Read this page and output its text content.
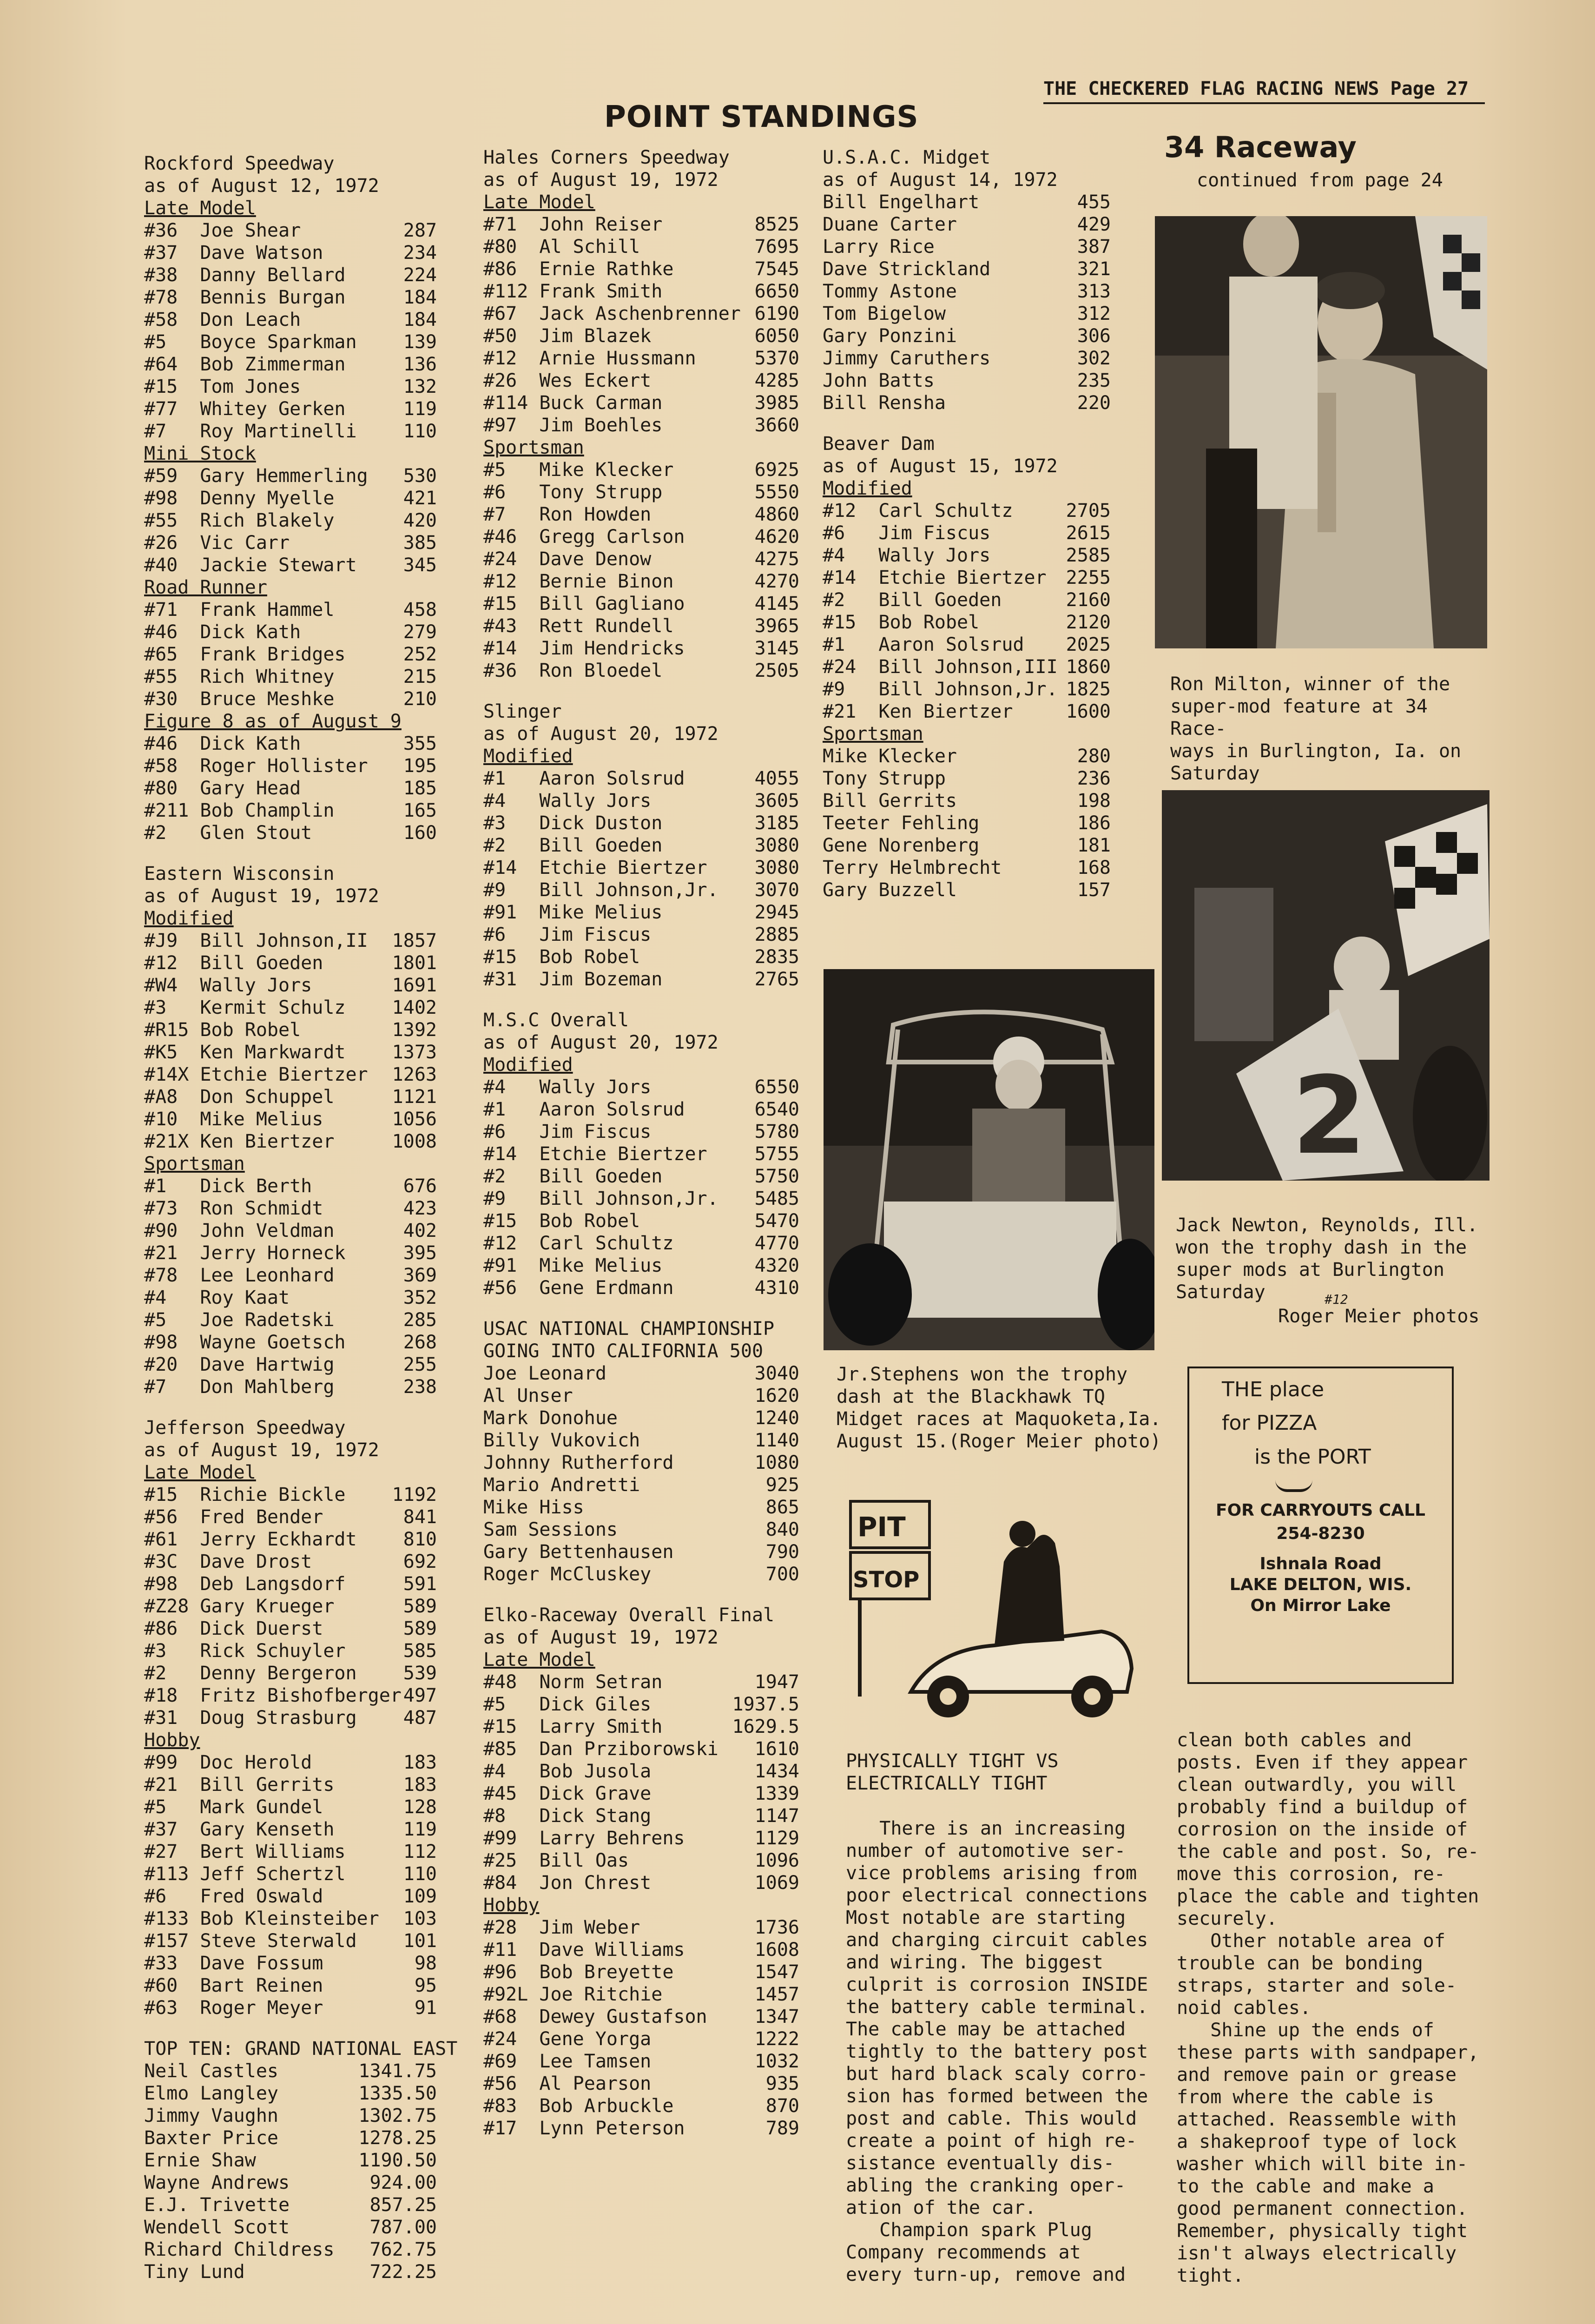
THE CHECKERED FLAG RACING NEWS Page 27
POINT STANDINGS
Rockford Speedway
as of August 12, 1972
Late Model
#36  Joe Shear	287
#37  Dave Watson	234
#38  Danny Bellard	224
#78  Bennis Burgan	184
#58  Don Leach	184
#5   Boyce Sparkman	139
#64  Bob Zimmerman	136
#15  Tom Jones	132
#77  Whitey Gerken	119
#7   Roy Martinelli	110
Mini Stock
#59  Gary Hemmerling	530
#98  Denny Myelle	421
#55  Rich Blakely	420
#26  Vic Carr	385
#40  Jackie Stewart	345
Road Runner
#71  Frank Hammel	458
#46  Dick Kath	279
#65  Frank Bridges	252
#55  Rich Whitney	215
#30  Bruce Meshke	210
Figure 8 as of August 9
#46  Dick Kath	355
#58  Roger Hollister	195
#80  Gary Head	185
#211 Bob Champlin	165
#2   Glen Stout	160
Eastern Wisconsin
as of August 19, 1972
Modified
#J9  Bill Johnson,II	1857
#12  Bill Goeden	1801
#W4  Wally Jors	1691
#3   Kermit Schulz	1402
#R15 Bob Robel	1392
#K5  Ken Markwardt	1373
#14X Etchie Biertzer	1263
#A8  Don Schuppel	1121
#10  Mike Melius	1056
#21X Ken Biertzer	1008
Sportsman
#1   Dick Berth	676
#73  Ron Schmidt	423
#90  John Veldman	402
#21  Jerry Horneck	395
#78  Lee Leonhard	369
#4   Roy Kaat	352
#5   Joe Radetski	285
#98  Wayne Goetsch	268
#20  Dave Hartwig	255
#7   Don Mahlberg	238
Jefferson Speedway
as of August 19, 1972
Late Model
#15  Richie Bickle	1192
#56  Fred Bender	841
#61  Jerry Eckhardt	810
#3C  Dave Drost	692
#98  Deb Langsdorf	591
#Z28 Gary Krueger	589
#86  Dick Duerst	589
#3   Rick Schuyler	585
#2   Denny Bergeron	539
#18  Fritz Bishofberger 497
#31  Doug Strasburg	487
Hobby
#99  Doc Herold	183
#21  Bill Gerrits	183
#5   Mark Gundel	128
#37  Gary Kenseth	119
#27  Bert Williams	112
#113 Jeff Schertzl	110
#6   Fred Oswald	109
#133 Bob Kleinsteiber	103
#157 Steve Sterwald	101
#33  Dave Fossum	98
#60  Bart Reinen	95
#63  Roger Meyer	91
TOP TEN: GRAND NATIONAL EAST
Neil Castles	1341.75
Elmo Langley	1335.50
Jimmy Vaughn	1302.75
Baxter Price	1278.25
Ernie Shaw	1190.50
Wayne Andrews	924.00
E.J. Trivette	857.25
Wendell Scott	787.00
Richard Childress	762.75
Tiny Lund	722.25
Hales Corners Speedway
as of August 19, 1972
Late Model
#71  John Reiser	8525
#80  Al Schill	7695
#86  Ernie Rathke	7545
#112 Frank Smith	6650
#67  Jack Aschenbrenner 6190
#50  Jim Blazek	6050
#12  Arnie Hussmann	5370
#26  Wes Eckert	4285
#114 Buck Carman	3985
#97  Jim Boehles	3660
Sportsman
#5   Mike Klecker	6925
#6   Tony Strupp	5550
#7   Ron Howden	4860
#46  Gregg Carlson	4620
#24  Dave Denow	4275
#12  Bernie Binon	4270
#15  Bill Gagliano	4145
#43  Rett Rundell	3965
#14  Jim Hendricks	3145
#36  Ron Bloedel	2505
Slinger
as of August 20, 1972
Modified
#1   Aaron Solsrud	4055
#4   Wally Jors	3605
#3   Dick Duston	3185
#2   Bill Goeden	3080
#14  Etchie Biertzer	3080
#9   Bill Johnson,Jr.	3070
#91  Mike Melius	2945
#6   Jim Fiscus	2885
#15  Bob Robel	2835
#31  Jim Bozeman	2765
M.S.C Overall
as of August 20, 1972
Modified
#4   Wally Jors	6550
#1   Aaron Solsrud	6540
#6   Jim Fiscus	5780
#14  Etchie Biertzer	5755
#2   Bill Goeden	5750
#9   Bill Johnson,Jr.	5485
#15  Bob Robel	5470
#12  Carl Schultz	4770
#91  Mike Melius	4320
#56  Gene Erdmann	4310
USAC NATIONAL CHAMPIONSHIP
GOING INTO CALIFORNIA 500
Joe Leonard	3040
Al Unser	1620
Mark Donohue	1240
Billy Vukovich	1140
Johnny Rutherford	1080
Mario Andretti	925
Mike Hiss	865
Sam Sessions	840
Gary Bettenhausen	790
Roger McCluskey	700
Elko-Raceway Overall Final
as of August 19, 1972
Late Model
#48  Norm Setran	1947
#5   Dick Giles	1937.5
#15  Larry Smith	1629.5
#85  Dan Prziborowski	1610
#4   Bob Jusola	1434
#45  Dick Grave	1339
#8   Dick Stang	1147
#99  Larry Behrens	1129
#25  Bill Oas	1096
#84  Jon Chrest	1069
Hobby
#28  Jim Weber	1736
#11  Dave Williams	1608
#96  Bob Breyette	1547
#92L Joe Ritchie	1457
#68  Dewey Gustafson	1347
#24  Gene Yorga	1222
#69  Lee Tamsen	1032
#56  Al Pearson	935
#83  Bob Arbuckle	870
#17  Lynn Peterson	789
U.S.A.C. Midget
as of August 14, 1972
Bill Engelhart	455
Duane Carter	429
Larry Rice	387
Dave Strickland	321
Tommy Astone	313
Tom Bigelow	312
Gary Ponzini	306
Jimmy Caruthers	302
John Batts	235
Bill Rensha	220
Beaver Dam
as of August 15, 1972
Modified
#12  Carl Schultz	2705
#6   Jim Fiscus	2615
#4   Wally Jors	2585
#14  Etchie Biertzer	2255
#2   Bill Goeden	2160
#15  Bob Robel	2120
#1   Aaron Solsrud	2025
#24  Bill Johnson,III 1860
#9   Bill Johnson,Jr. 1825
#21  Ken Biertzer	1600
Sportsman
Mike Klecker	280
Tony Strupp	236
Bill Gerrits	198
Teeter Fehling	186
Gene Norenberg	181
Terry Helmbrecht	168
Gary Buzzell	157
34 Raceway
continued from page 24
Ron Milton, winner of the
super-mod feature at 34 Race-
ways in Burlington, Ia. on
Saturday
2
Jack Newton, Reynolds, Ill.
won the trophy dash in the
super mods at Burlington
Saturday
Roger Meier photos
#12
Jr.Stephens won the trophy
dash at the Blackhawk TQ
Midget races at Maquoketa,Ia.
August 15.(Roger Meier photo)
PIT
STOP
THE place
for PIZZA
is the PORT
FOR CARRYOUTS CALL
254-8230
Ishnala Road
LAKE DELTON, WIS.
On Mirror Lake
PHYSICALLY TIGHT VS
ELECTRICALLY TIGHT
There is an increasing
number of automotive ser-
vice problems arising from
poor electrical connections
Most notable are starting
and charging circuit cables
and wiring. The biggest
culprit is corrosion INSIDE
the battery cable terminal.
The cable may be attached
tightly to the battery post
but hard black scaly corro-
sion has formed between the
post and cable. This would
create a point of high re-
sistance eventually dis-
abling the cranking oper-
ation of the car.
Champion spark Plug
Company recommends at
every turn-up, remove and
clean both cables and
posts. Even if they appear
clean outwardly, you will
probably find a buildup of
corrosion on the inside of
the cable and post. So, re-
move this corrosion, re-
place the cable and tighten
securely.
Other notable area of
trouble can be bonding
straps, starter and sole-
noid cables.
Shine up the ends of
these parts with sandpaper,
and remove pain or grease
from where the cable is
attached. Reassemble with
a shakeproof type of lock
washer which will bite in-
to the cable and make a
good permanent connection.
Remember, physically tight
isn't always electrically
tight.
